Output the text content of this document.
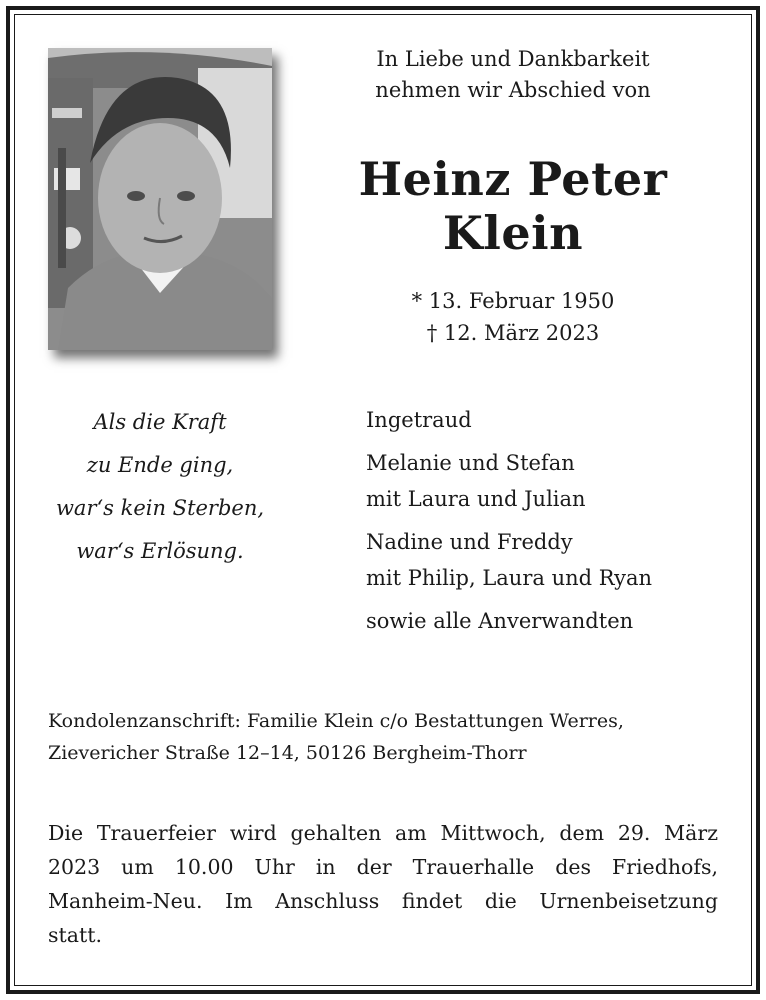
In Liebe und Dankbarkeit
nehmen wir Abschied von
Heinz Peter
Klein
* 13. Februar 1950
† 12. März 2023
Als die Kraft
zu Ende ging,
war‘s kein Sterben,
war‘s Erlösung.
Ingetraud
Melanie und Stefan
mit Laura und Julian
Nadine und Freddy
mit Philip, Laura und Ryan
sowie alle Anverwandten
Kondolenzanschrift: Familie Klein c/o Bestattungen Werres,
Zievericher Straße 12–14, 50126 Bergheim-Thorr
Die Trauerfeier wird gehalten am Mittwoch, dem 29. März
2023 um 10.00 Uhr in der Trauerhalle des Friedhofs,
Manheim-Neu. Im Anschluss findet die Urnenbeisetzung
statt.
